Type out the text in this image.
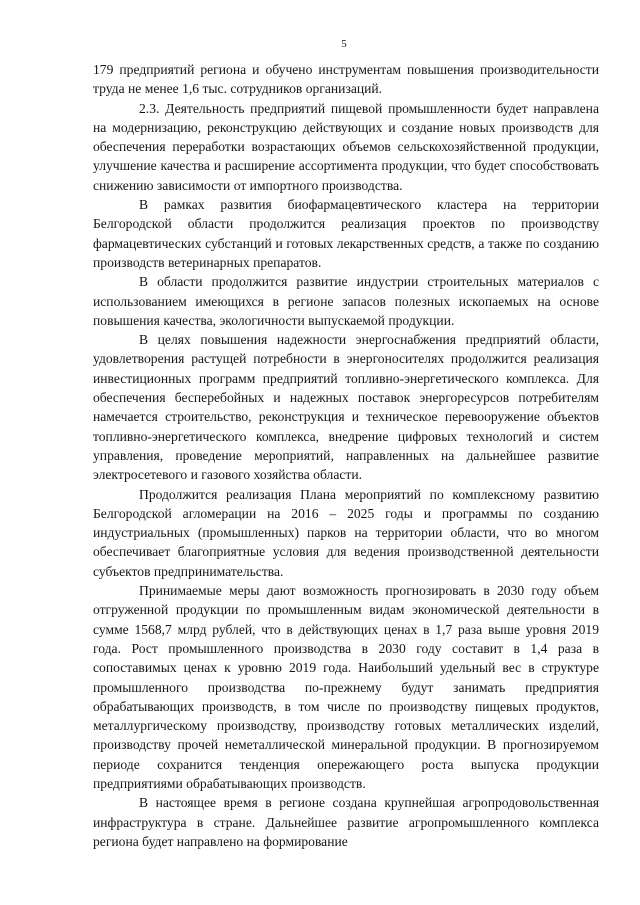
5

179 предприятий региона и обучено инструментам повышения производительности труда не менее 1,6 тыс. сотрудников организаций.

2.3. Деятельность предприятий пищевой промышленности будет направлена на модернизацию, реконструкцию действующих и создание новых производств для обеспечения переработки возрастающих объемов сельскохозяйственной продукции, улучшение качества и расширение ассортимента продукции, что будет способствовать снижению зависимости от импортного производства.

В рамках развития биофармацевтического кластера на территории Белгородской области продолжится реализация проектов по производству фармацевтических субстанций и готовых лекарственных средств, а также по созданию производств ветеринарных препаратов.

В области продолжится развитие индустрии строительных материалов с использованием имеющихся в регионе запасов полезных ископаемых на основе повышения качества, экологичности выпускаемой продукции.

В целях повышения надежности энергоснабжения предприятий области, удовлетворения растущей потребности в энергоносителях продолжится реализация инвестиционных программ предприятий топливно-энергетического комплекса. Для обеспечения бесперебойных и надежных поставок энергоресурсов потребителям намечается строительство, реконструкция и техническое перевооружение объектов топливно-энергетического комплекса, внедрение цифровых технологий и систем управления, проведение мероприятий, направленных на дальнейшее развитие электросетевого и газового хозяйства области.

Продолжится реализация Плана мероприятий по комплексному развитию Белгородской агломерации на 2016 – 2025 годы и программы по созданию индустриальных (промышленных) парков на территории области, что во многом обеспечивает благоприятные условия для ведения производственной деятельности субъектов предпринимательства.

Принимаемые меры дают возможность прогнозировать в 2030 году объем отгруженной продукции по промышленным видам экономической деятельности в сумме 1568,7 млрд рублей, что в действующих ценах в 1,7 раза выше уровня 2019 года. Рост промышленного производства в 2030 году составит в 1,4 раза в сопоставимых ценах к уровню 2019 года. Наибольший удельный вес в структуре промышленного производства по-прежнему будут занимать предприятия обрабатывающих производств, в том числе по производству пищевых продуктов, металлургическому производству, производству готовых металлических изделий, производству прочей неметаллической минеральной продукции. В прогнозируемом периоде сохранится тенденция опережающего роста выпуска продукции предприятиями обрабатывающих производств.

В настоящее время в регионе создана крупнейшая агропродовольственная инфраструктура в стране. Дальнейшее развитие агропромышленного комплекса региона будет направлено на формирование
